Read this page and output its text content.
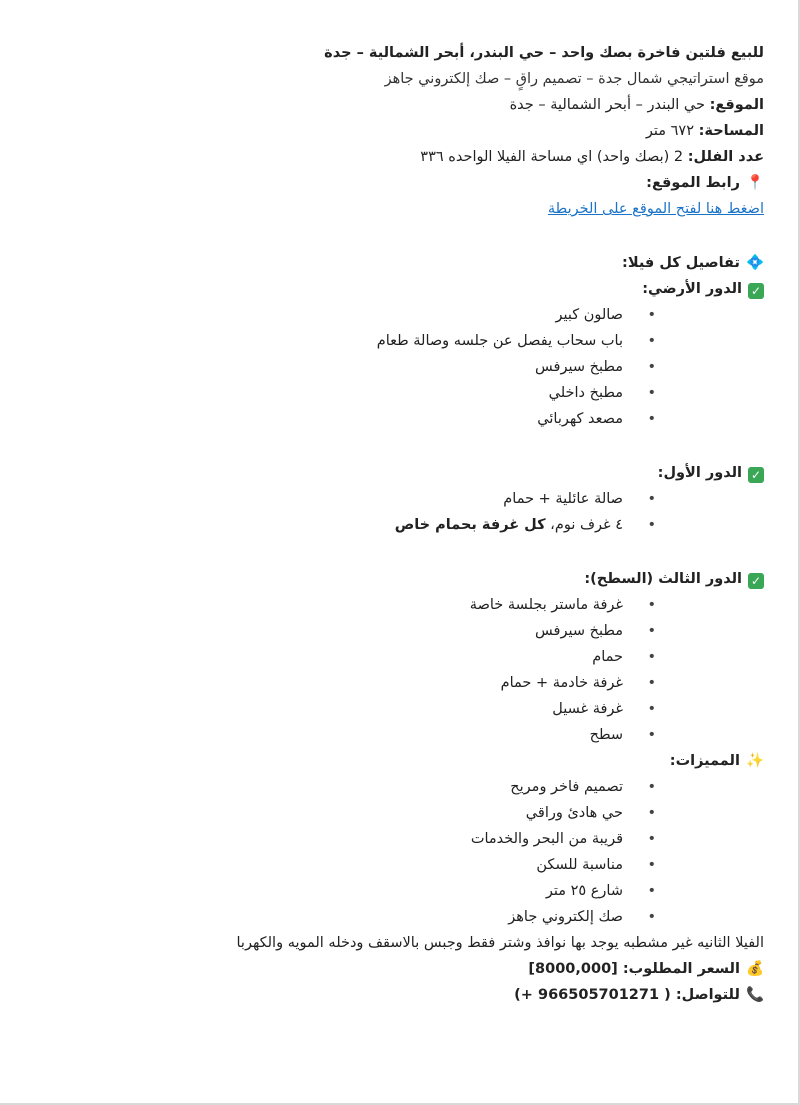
للبيع فلتين فاخرة بصك واحد – حي البندر، أبحر الشمالية – جدة

موقع استراتيجي شمال جدة – تصميم راقٍ – صك إلكتروني جاهز

الموقع: حي البندر – أبحر الشمالية – جدة

المساحة: ٦٧٢ متر

عدد الفلل: 2 (بصك واحد) اي مساحة الفيلا الواحده ٣٣٦

📍رابط الموقع:

اضغط هنا لفتح الموقع على الخريطة

💠تفاصيل كل فيلا:

✓الدور الأرضي:

• صالون كبير
• باب سحاب يفصل عن جلسه وصالة طعام
• مطبخ سيرفس
• مطبخ داخلي
• مصعد كهربائي

✓الدور الأول:

• صالة عائلية + حمام
• ٤ غرف نوم، كل غرفة بحمام خاص

✓الدور الثالث (السطح):

• غرفة ماستر بجلسة خاصة
• مطبخ سيرفس
• حمام
• غرفة خادمة + حمام
• غرفة غسيل
• سطح

✨المميزات:

• تصميم فاخر ومريح
• حي هادئ وراقي
• قريبة من البحر والخدمات
• مناسبة للسكن
• شارع ٢٥ متر
• صك إلكتروني جاهز

الفيلا الثانيه غير مشطبه يوجد بها نوافذ وشتر فقط وجبس بالاسقف ودخله المويه والكهربا

💰السعر المطلوب: [8000,000]

📞للتواصل: ( 966505701271 +)
